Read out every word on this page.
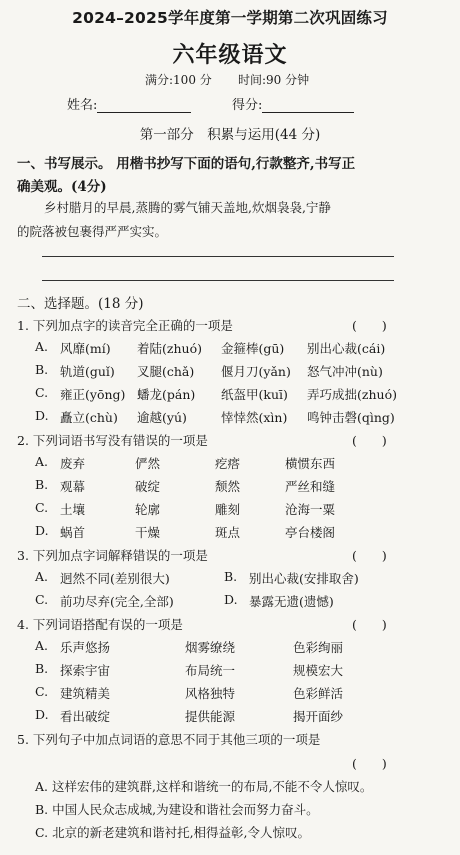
2024–2025学年度第一学期第二次巩固练习
六年级语文
满分:100 分 时间:90 分钟
姓名:	得分:
第一部分　积累与运用(44 分)
一、书写展示。 用楷书抄写下面的语句,行款整齐,书写正
确美观。(4分)
乡村腊月的早晨,蒸腾的雾气铺天盖地,炊烟袅袅,宁静
的院落被包裹得严严实实。
二、选择题。(18 分)
1. 下列加点字的读音完全正确的一项是	(　　)
A. 风靡(mí)	着陆(zhuó)	金箍棒(gū)	别出心裁(cái)
B. 轨道(guǐ)	叉腿(chǎ)	偃月刀(yǎn)	怒气冲冲(nù)
C. 雍正(yōng) 蟠龙(pán)	纸盔甲(kuī)	弄巧成拙(zhuó)
D. 矗立(chù)	逾越(yú)	悻悻然(xìn)	鸣钟击磬(qìng)
2. 下列词语书写没有错误的一项是	(　　)
A. 废弃	俨然	疙瘩	横惯东西
B. 观幕	破绽	颓然	严丝和缝
C. 土壤	轮廓	雕刻	沧海一粟
D. 蜗首	干燥	斑点	亭台楼阁
3. 下列加点字词解释错误的一项是	(　　)
A. 迥然不同(差别很大)	B. 别出心裁(安排取舍)
C. 前功尽弃(完全,全部)	D. 暴露无遗(遗憾)
4. 下列词语搭配有误的一项是	(　　)
A. 乐声悠扬	烟雾缭绕	色彩绚丽
B. 探索宇宙	布局统一	规模宏大
C. 建筑精美	风格独特	色彩鲜活
D. 看出破绽	提供能源	揭开面纱
5. 下列句子中加点词语的意思不同于其他三项的一项是
(　　)
A. 这样宏伟的建筑群,这样和谐统一的布局,不能不令人惊叹。
B. 中国人民众志成城,为建设和谐社会而努力奋斗。
C. 北京的新老建筑和谐衬托,相得益彰,令人惊叹。
